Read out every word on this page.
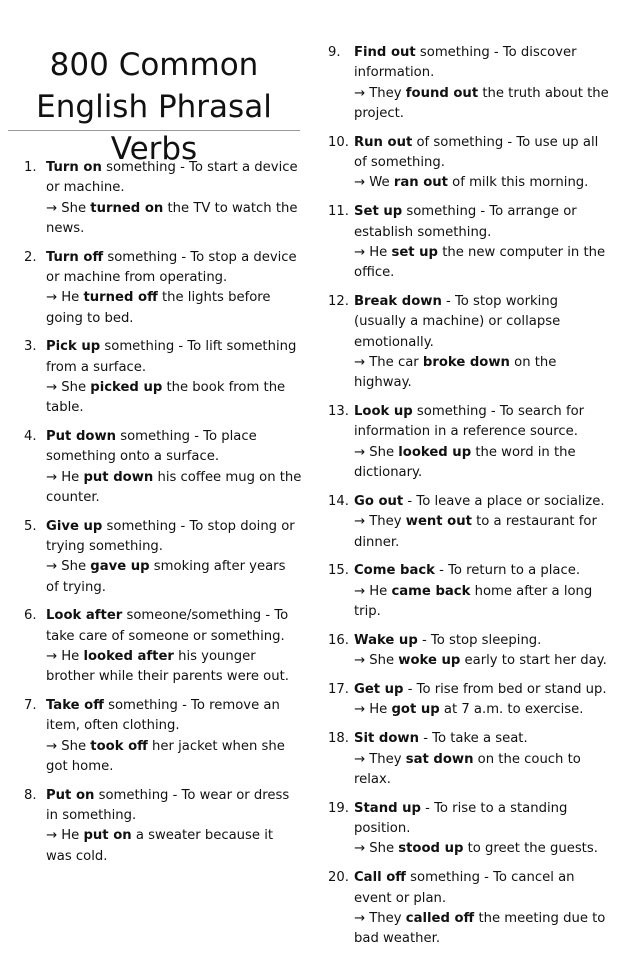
800 Common English Phrasal Verbs
1. Turn on something - To start a device or machine.
→ She turned on the TV to watch the news.
2. Turn off something - To stop a device or machine from operating.
→ He turned off the lights before going to bed.
3. Pick up something - To lift something from a surface.
→ She picked up the book from the table.
4. Put down something - To place something onto a surface.
→ He put down his coffee mug on the counter.
5. Give up something - To stop doing or trying something.
→ She gave up smoking after years of trying.
6. Look after someone/something - To take care of someone or something.
→ He looked after his younger brother while their parents were out.
7. Take off something - To remove an item, often clothing.
→ She took off her jacket when she got home.
8. Put on something - To wear or dress in something.
→ He put on a sweater because it was cold.
9. Find out something - To discover information.
→ They found out the truth about the project.
10. Run out of something - To use up all of something.
→ We ran out of milk this morning.
11. Set up something - To arrange or establish something.
→ He set up the new computer in the office.
12. Break down - To stop working (usually a machine) or collapse emotionally.
→ The car broke down on the highway.
13. Look up something - To search for information in a reference source.
→ She looked up the word in the dictionary.
14. Go out - To leave a place or socialize.
→ They went out to a restaurant for dinner.
15. Come back - To return to a place.
→ He came back home after a long trip.
16. Wake up - To stop sleeping.
→ She woke up early to start her day.
17. Get up - To rise from bed or stand up.
→ He got up at 7 a.m. to exercise.
18. Sit down - To take a seat.
→ They sat down on the couch to relax.
19. Stand up - To rise to a standing position.
→ She stood up to greet the guests.
20. Call off something - To cancel an event or plan.
→ They called off the meeting due to bad weather.
